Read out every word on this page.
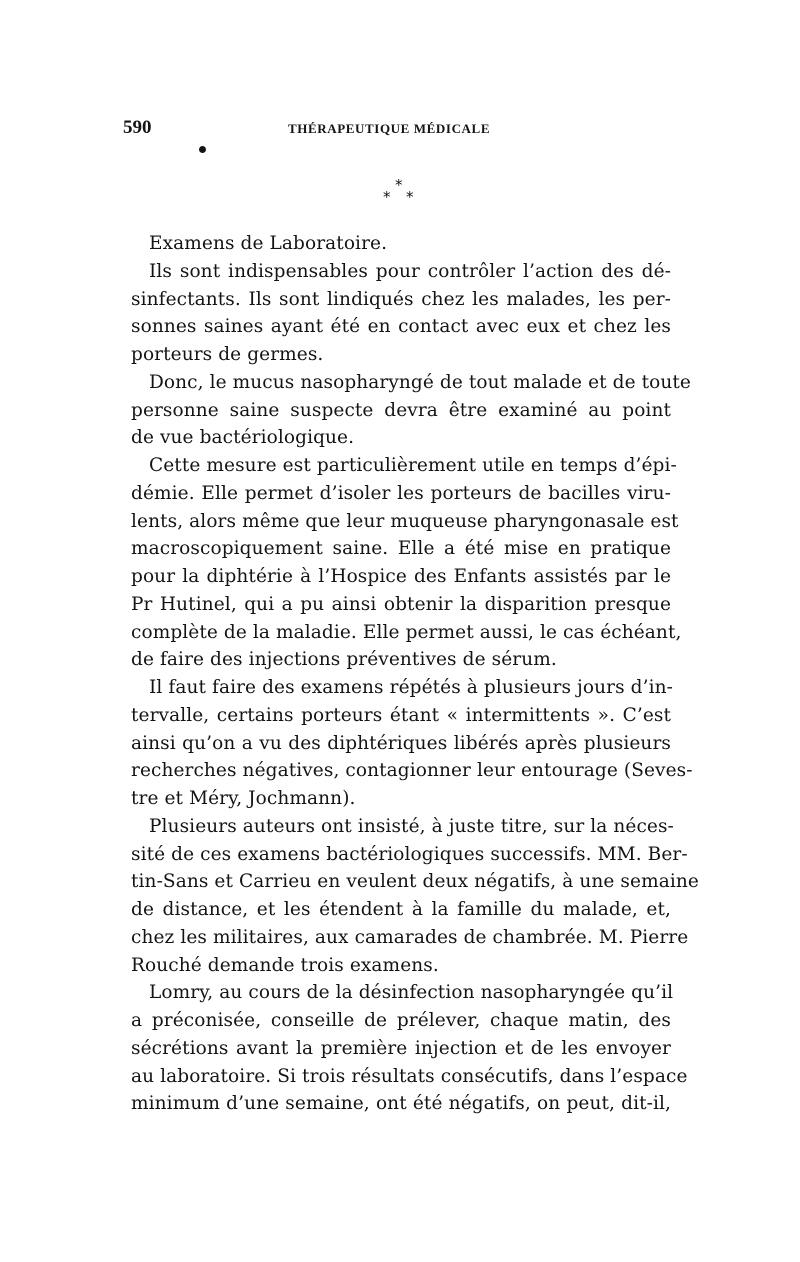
590	THÉRAPEUTIQUE MÉDICALE
*
* *
Examens de Laboratoire.
Ils sont indispensables pour contrôler l’action des dé-
sinfectants. Ils sont lindiqués chez les malades, les per-
sonnes saines ayant été en contact avec eux et chez les
porteurs de germes.
Donc, le mucus nasopharyngé de tout malade et de toute
personne saine suspecte devra être examiné au point
de vue bactériologique.
Cette mesure est particulièrement utile en temps d’épi-
démie. Elle permet d’isoler les porteurs de bacilles viru-
lents, alors même que leur muqueuse pharyngonasale est
macroscopiquement saine. Elle a été mise en pratique
pour la diphtérie à l’Hospice des Enfants assistés par le
Pr Hutinel, qui a pu ainsi obtenir la disparition presque
complète de la maladie. Elle permet aussi, le cas échéant,
de faire des injections préventives de sérum.
Il faut faire des examens répétés à plusieurs jours d’in-
tervalle, certains porteurs étant « intermittents ». C’est
ainsi qu’on a vu des diphtériques libérés après plusieurs
recherches négatives, contagionner leur entourage (Seves-
tre et Méry, Jochmann).
Plusieurs auteurs ont insisté, à juste titre, sur la néces-
sité de ces examens bactériologiques successifs. MM. Ber-
tin-Sans et Carrieu en veulent deux négatifs, à une semaine
de distance, et les étendent à la famille du malade, et,
chez les militaires, aux camarades de chambrée. M. Pierre
Rouché demande trois examens.
Lomry, au cours de la désinfection nasopharyngée qu’il
a préconisée, conseille de prélever, chaque matin, des
sécrétions avant la première injection et de les envoyer
au laboratoire. Si trois résultats consécutifs, dans l’espace
minimum d’une semaine, ont été négatifs, on peut, dit-il,
